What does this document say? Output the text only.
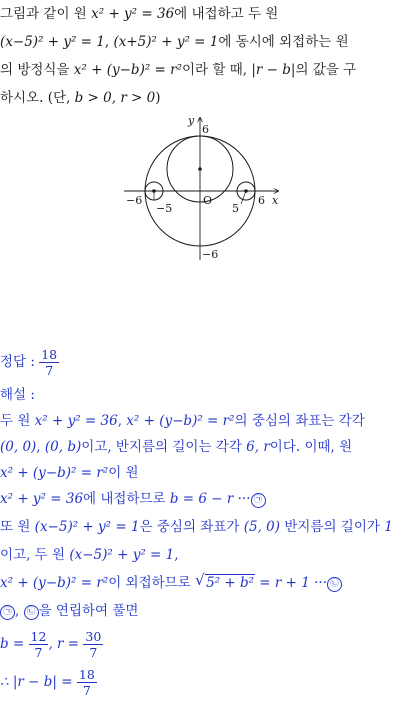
그림과 같이 원 x² + y² = 36에 내접하고 두 원
(x−5)² + y² = 1, (x+5)² + y² = 1에 동시에 외접하는 원
의 방정식을 x² + (y−b)² = r²이라 할 때, |r − b|의 값을 구
하시오. (단, b > 0, r > 0)
y
x
6
−6
−6	6
O
−5	5
정답 : $\frac{18}{7}$
해설 :
두 원 x² + y² = 36, x² + (y−b)² = r²의 중심의 좌표는 각각
(0, 0), (0, b)이고, 반지름의 길이는 각각 6, r이다. 이때, 원
x² + (y−b)² = r²이 원
x² + y² = 36에 내접하므로 b = 6 − r ··· ㉠
또 원 (x−5)² + y² = 1은 중심의 좌표가 (5, 0) 반지름의 길이가 1
이고, 두 원 (x−5)² + y² = 1,
x² + (y−b)² = r²이 외접하므로 √ 5² + b² = r + 1 ··· ㉡
㉠ , ㉡ 을 연립하여 풀면
$b = \frac{12}{7}$ , $r = \frac{30}{7}$
∴ $|r - b| = \frac{18}{7}$
